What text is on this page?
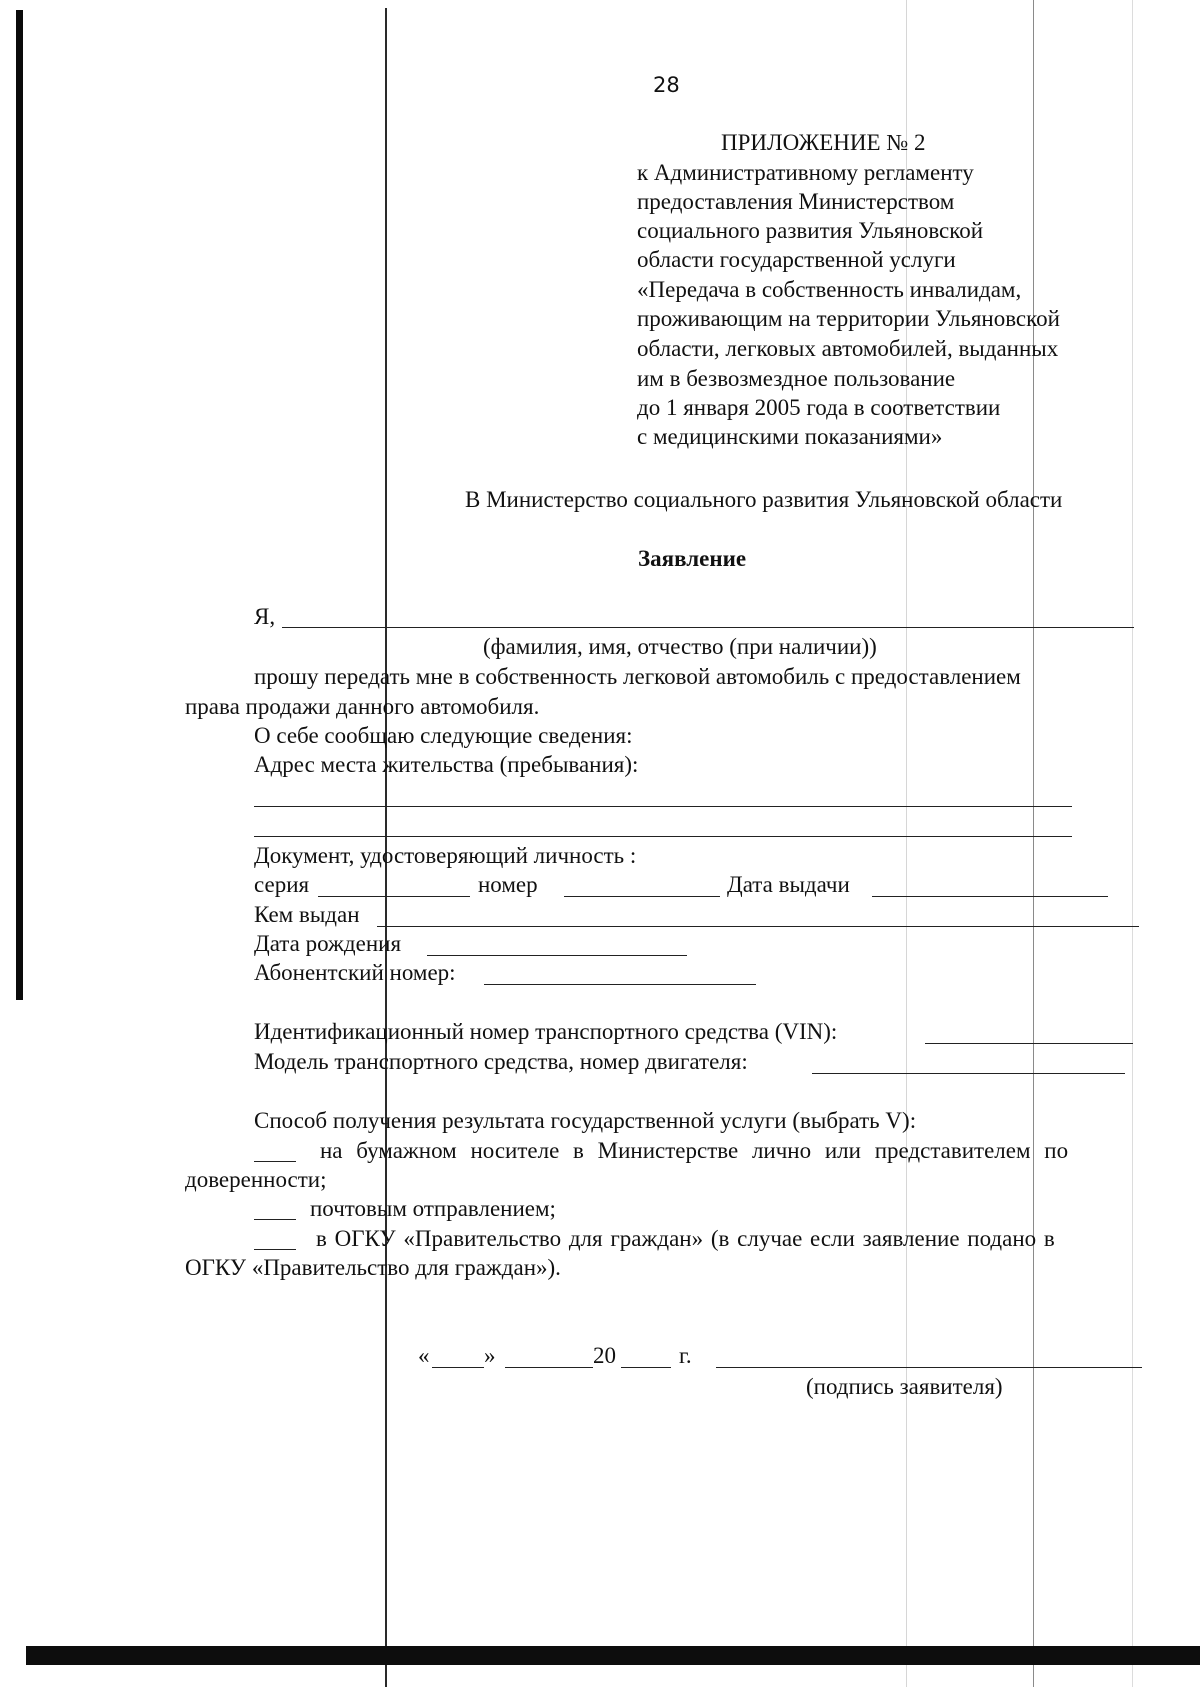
28
ПРИЛОЖЕНИЕ № 2
к Административному регламенту
предоставления Министерством
социального развития Ульяновской
области государственной услуги
«Передача в собственность инвалидам,
проживающим на территории Ульяновской
области, легковых автомобилей, выданных
им в безвозмездное пользование
до 1 января 2005 года в соответствии
с медицинскими показаниями»
В Министерство социального развития Ульяновской области
Заявление
Я,
(фамилия, имя, отчество (при наличии))
прошу передать мне в собственность легковой автомобиль с предоставлением
права продажи данного автомобиля.
О себе сообщаю следующие сведения:
Адрес места жительства (пребывания):
Документ, удостоверяющий личность :
серия	номер	Дата выдачи
Кем выдан
Дата рождения
Абонентский номер:
Идентификационный номер транспортного средства (VIN):
Модель транспортного средства, номер двигателя:
Способ получения результата государственной услуги (выбрать V):
на бумажном носителе в Министерстве лично или представителем по
доверенности;
почтовым отправлением;
в ОГКУ «Правительство для граждан» (в случае если заявление подано в
ОГКУ «Правительство для граждан»).
« »	20	г.
(подпись заявителя)
